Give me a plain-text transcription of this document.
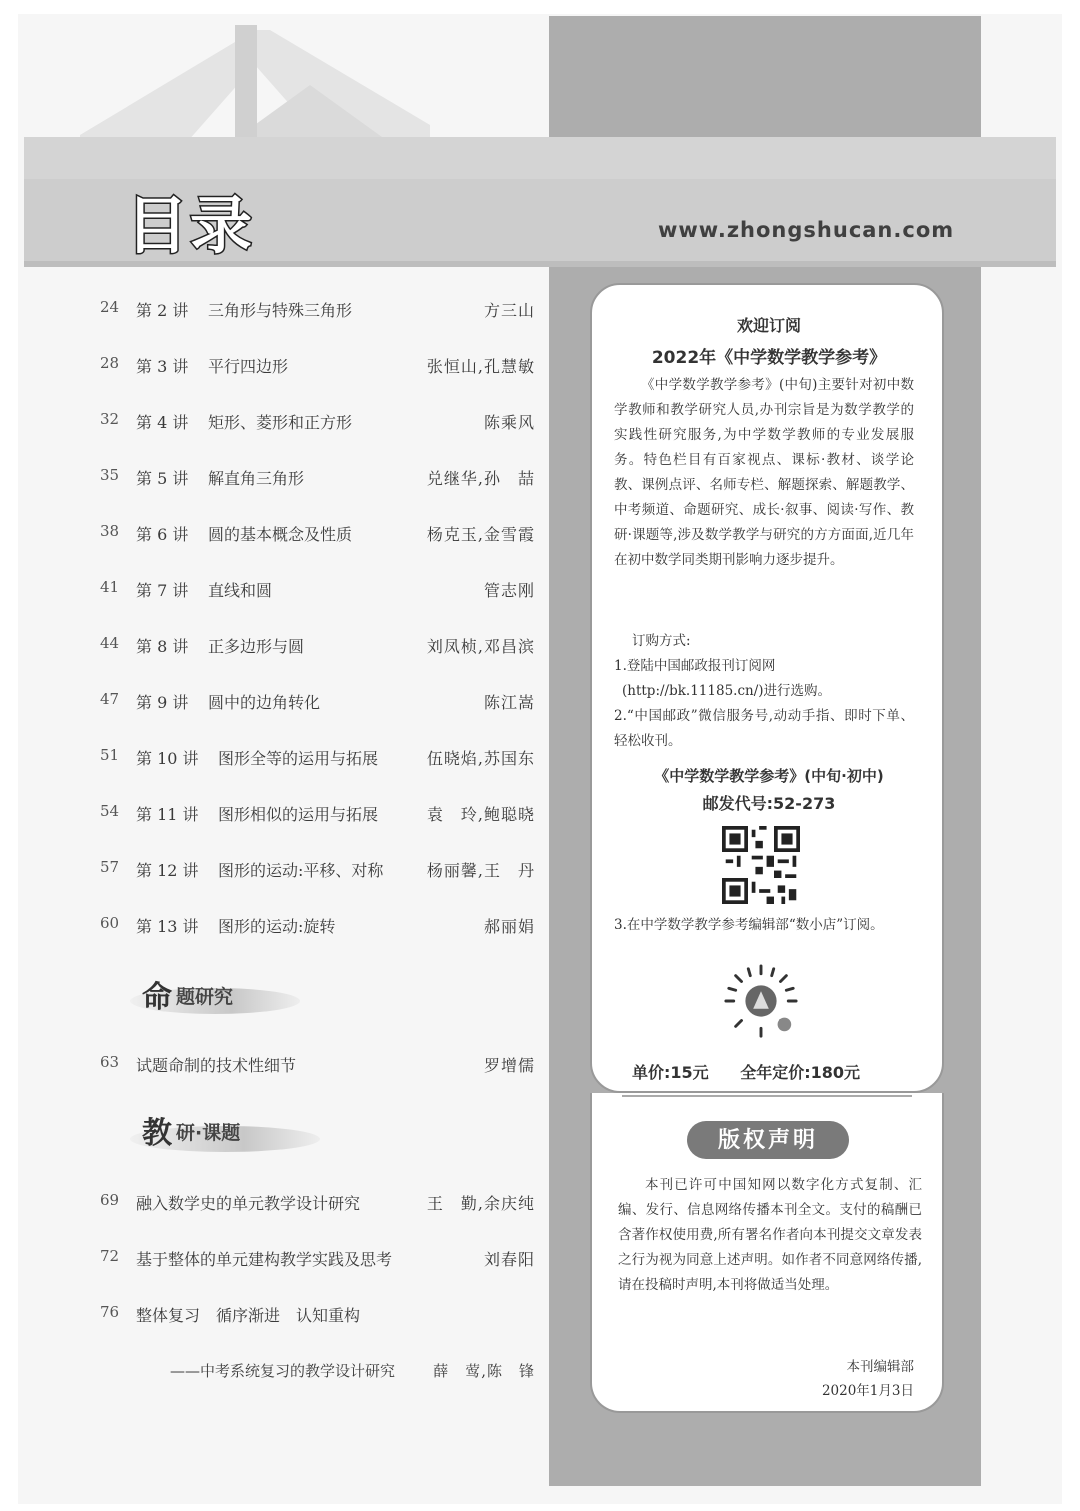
目录	www.zhongshucan.com
24 第 2 讲 三角形与特殊三角形	方三山
28 第 3 讲 平行四边形	张恒山,孔慧敏
32 第 4 讲 矩形、菱形和正方形	陈乘风
35 第 5 讲 解直角三角形	兑继华,孙　喆
38 第 6 讲 圆的基本概念及性质	杨克玉,金雪霞
41 第 7 讲 直线和圆	管志刚
44 第 8 讲 正多边形与圆	刘凤桢,邓昌滨
47 第 9 讲 圆中的边角转化	陈江嵩
51 第 10 讲 图形全等的运用与拓展	伍晓焰,苏国东
54 第 11 讲 图形相似的运用与拓展	袁　玲,鲍聪晓
57 第 12 讲 图形的运动:平移、对称	杨丽馨,王　丹
60 第 13 讲 图形的运动:旋转	郝丽娟
命 题研究
63 试题命制的技术性细节	罗增儒
教 研·课题
69 融入数学史的单元教学设计研究	王　勤,余庆纯
72 基于整体的单元建构教学实践及思考	刘春阳
76 整体复习　循序渐进　认知重构
——中考系统复习的教学设计研究	薛　莺,陈　锋
欢迎订阅
2022年《中学数学教学参考》
《中学数学教学参考》(中旬)主要针对初中数学教师和教学研究人员,办刊宗旨是为数学教学的实践性研究服务,为中学数学教师的专业发展服务。特色栏目有百家视点、课标·教材、谈学论教、课例点评、名师专栏、解题探索、解题教学、中考频道、命题研究、成长·叙事、阅读·写作、教研·课题等,涉及数学教学与研究的方方面面,近几年在初中数学同类期刊影响力逐步提升。
订购方式:
1.登陆中国邮政报刊订阅网
(http://bk.11185.cn/)进行选购。
2.“中国邮政”微信服务号,动动手指、即时下单、轻松收刊。
《中学数学教学参考》(中旬·初中)
邮发代号:52-273
3.在中学数学教学参考编辑部“数小店”订阅。
单价:15元 全年定价:180元
版权声明
本刊已许可中国知网以数字化方式复制、汇编、发行、信息网络传播本刊全文。支付的稿酬已含著作权使用费,所有署名作者向本刊提交文章发表之行为视为同意上述声明。如作者不同意网络传播,请在投稿时声明,本刊将做适当处理。
本刊编辑部
2020年1月3日
